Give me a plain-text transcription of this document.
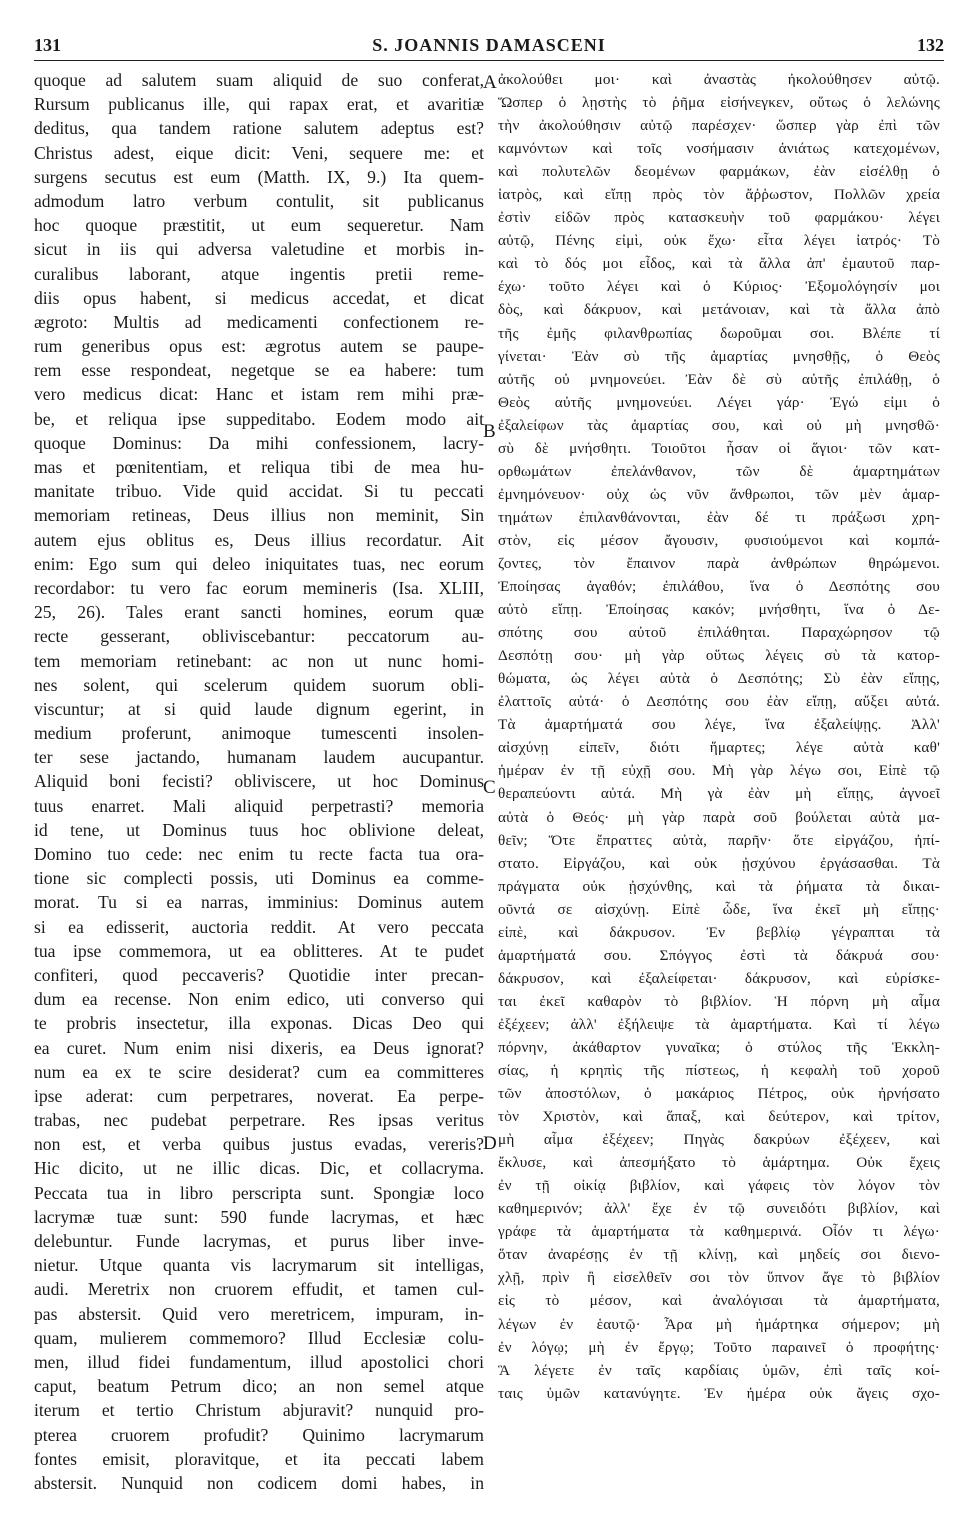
131	S. JOANNIS DAMASCENI	132
quoque ad salutem suam aliquid de suo conferat,
Rursum publicanus ille, qui rapax erat, et avaritiæ
deditus, qua tandem ratione salutem adeptus est?
Christus adest, eique dicit: Veni, sequere me: et
surgens secutus est eum (Matth. IX, 9.) Ita quem-
admodum latro verbum contulit, sit publicanus
hoc quoque præstitit, ut eum sequeretur. Nam
sicut in iis qui adversa valetudine et morbis in-
curalibus laborant, atque ingentis pretii reme-
diis opus habent, si medicus accedat, et dicat
ægroto: Multis ad medicamenti confectionem re-
rum generibus opus est: ægrotus autem se paupe-
rem esse respondeat, negetque se ea habere: tum
vero medicus dicat: Hanc et istam rem mihi præ-
be, et reliqua ipse suppeditabo. Eodem modo ait
quoque Dominus: Da mihi confessionem, lacry-
mas et pœnitentiam, et reliqua tibi de mea hu-
manitate tribuo. Vide quid accidat. Si tu peccati
memoriam retineas, Deus illius non meminit, Sin
autem ejus oblitus es, Deus illius recordatur. Ait
enim: Ego sum qui deleo iniquitates tuas, nec eorum
recordabor: tu vero fac eorum memineris (Isa. XLIII,
25, 26). Tales erant sancti homines, eorum quæ
recte gesserant, obliviscebantur: peccatorum au-
tem memoriam retinebant: ac non ut nunc homi-
nes solent, qui scelerum quidem suorum obli-
viscuntur; at si quid laude dignum egerint, in
medium proferunt, animoque tumescenti insolen-
ter sese jactando, humanam laudem aucupantur.
Aliquid boni fecisti? obliviscere, ut hoc Dominus
tuus enarret. Mali aliquid perpetrasti? memoria
id tene, ut Dominus tuus hoc oblivione deleat,
Domino tuo cede: nec enim tu recte facta tua ora-
tione sic complecti possis, uti Dominus ea comme-
morat. Tu si ea narras, imminius: Dominus autem
si ea edisserit, auctoria reddit. At vero peccata
tua ipse commemora, ut ea oblitteres. At te pudet
confiteri, quod peccaveris? Quotidie inter precan-
dum ea recense. Non enim edico, uti converso qui
te probris insectetur, illa exponas. Dicas Deo qui
ea curet. Num enim nisi dixeris, ea Deus ignorat?
num ea ex te scire desiderat? cum ea committeres
ipse aderat: cum perpetrares, noverat. Ea perpe-
trabas, nec pudebat perpetrare. Res ipsas veritus
non est, et verba quibus justus evadas, vereris?
Hic dicito, ut ne illic dicas. Dic, et collacryma.
Peccata tua in libro perscripta sunt. Spongiæ loco
lacrymæ tuæ sunt: 590 funde lacrymas, et hæc
delebuntur. Funde lacrymas, et purus liber inve-
nietur. Utque quanta vis lacrymarum sit intelligas,
audi. Meretrix non cruorem effudit, et tamen cul-
pas abstersit. Quid vero meretricem, impuram, in-
quam, mulierem commemoro? Illud Ecclesiæ colu-
men, illud fidei fundamentum, illud apostolici chori
caput, beatum Petrum dico; an non semel atque
iterum et tertio Christum abjuravit? nunquid pro-
pterea cruorem profudit? Quinimo lacrymarum
fontes emisit, ploravitque, et ita peccati labem
abstersit. Nunquid non codicem domi habes, in
ἀκολούθει μοι· καὶ ἀναστὰς ἠκολούθησεν αὐτῷ.
Ὥσπερ ὁ λῃστὴς τὸ ῥῆμα εἰσήνεγκεν, οὕτως ὁ λελώνης
τὴν ἀκολούθησιν αὐτῷ παρέσχεν· ὥσπερ γὰρ ἐπὶ τῶν
καμνόντων καὶ τοῖς νοσήμασιν ἀνιάτως κατεχομένων,
καὶ πολυτελῶν δεομένων φαρμάκων, ἐὰν εἰσέλθῃ ὁ
ἰατρὸς, καὶ εἴπῃ πρὸς τὸν ἄῤῥωστον, Πολλῶν χρεία
ἐστὶν εἰδῶν πρὸς κατασκευὴν τοῦ φαρμάκου· λέγει
αὐτῷ, Πένης εἰμὶ, οὐκ ἔχω· εἶτα λέγει ἰατρός· Τὸ
καὶ τὸ δός μοι εἶδος, καὶ τὰ ἄλλα ἀπ' ἐμαυτοῦ παρ-
έχω· τοῦτο λέγει καὶ ὁ Κύριος· Ἐξομολόγησίν μοι
δὸς, καὶ δάκρυον, καὶ μετάνοιαν, καὶ τὰ ἄλλα ἀπὸ
τῆς ἐμῆς φιλανθρωπίας δωροῦμαι σοι. Βλέπε τί
γίνεται· Ἐὰν σὺ τῆς ἁμαρτίας μνησθῇς, ὁ Θεὸς
αὐτῆς οὐ μνημονεύει. Ἐὰν δὲ σὺ αὐτῆς ἐπιλάθῃ, ὁ
Θεὸς αὐτῆς μνημονεύει. Λέγει γάρ· Ἐγώ εἰμι ὁ
ἐξαλείφων τὰς ἁμαρτίας σου, καὶ οὐ μὴ μνησθῶ·
σὺ δὲ μνήσθητι. Τοιοῦτοι ἦσαν οἱ ἅγιοι· τῶν κατ-
ορθωμάτων ἐπελάνθανον, τῶν δὲ ἁμαρτημάτων
ἐμνημόνευον· οὐχ ὡς νῦν ἄνθρωποι, τῶν μὲν ἁμαρ-
τημάτων ἐπιλανθάνονται, ἐὰν δέ τι πράξωσι χρη-
στὸν, εἰς μέσον ἄγουσιν, φυσιούμενοι καὶ κομπά-
ζοντες, τὸν ἔπαινον παρὰ ἀνθρώπων θηρώμενοι.
Ἐποίησας ἀγαθόν; ἐπιλάθου, ἵνα ὁ Δεσπότης σου
αὐτὸ εἴπῃ. Ἐποίησας κακόν; μνήσθητι, ἵνα ὁ Δε-
σπότης σου αὐτοῦ ἐπιλάθηται. Παραχώρησον τῷ
Δεσπότῃ σου· μὴ γὰρ οὕτως λέγεις σὺ τὰ κατορ-
θώματα, ὡς λέγει αὐτὰ ὁ Δεσπότης; Σὺ ἐὰν εἴπῃς,
ἐλαττοῖς αὐτά· ὁ Δεσπότης σου ἐὰν εἴπῃ, αὔξει αὐτά.
Τὰ ἁμαρτήματά σου λέγε, ἵνα ἐξαλείψῃς. Ἀλλ'
αἰσχύνῃ εἰπεῖν, διότι ἥμαρτες; λέγε αὐτὰ καθ'
ἡμέραν ἐν τῇ εὐχῇ σου. Μὴ γὰρ λέγω σοι, Εἰπὲ τῷ
θεραπεύοντι αὐτά. Μὴ γὰ ἐὰν μὴ εἴπῃς, ἀγνοεῖ
αὐτὰ ὁ Θεός· μὴ γὰρ παρὰ σοῦ βούλεται αὐτὰ μα-
θεῖν; Ὅτε ἔπραττες αὐτὰ, παρῆν· ὅτε εἰργάζου, ἠπί-
στατο. Εἰργάζου, καὶ οὐκ ᾐσχύνου ἐργάσασθαι. Τὰ
πράγματα οὐκ ᾐσχύνθης, καὶ τὰ ῥήματα τὰ δικαι-
οῦντά σε αἰσχύνῃ. Εἰπὲ ὧδε, ἵνα ἐκεῖ μὴ εἴπῃς·
εἰπὲ, καὶ δάκρυσον. Ἐν βεβλίῳ γέγραπται τὰ
ἁμαρτήματά σου. Σπόγγος ἐστὶ τὰ δάκρυά σου·
δάκρυσον, καὶ ἐξαλείφεται· δάκρυσον, καὶ εὑρίσκε-
ται ἐκεῖ καθαρὸν τὸ βιβλίον. Ἡ πόρνη μὴ αἷμα
ἐξέχεεν; ἀλλ' ἐξήλειψε τὰ ἁμαρτήματα. Καὶ τί λέγω
πόρνην, ἀκάθαρτον γυναῖκα; ὁ στύλος τῆς Ἐκκλη-
σίας, ἡ κρηπὶς τῆς πίστεως, ἡ κεφαλὴ τοῦ χοροῦ
τῶν ἀποστόλων, ὁ μακάριος Πέτρος, οὐκ ἠρνήσατο
τὸν Χριστὸν, καὶ ἅπαξ, καὶ δεύτερον, καὶ τρίτον,
μὴ αἷμα ἐξέχεεν; Πηγὰς δακρύων ἐξέχεεν, καὶ
ἔκλυσε, καὶ ἀπεσμήξατο τὸ ἁμάρτημα. Οὐκ ἔχεις
ἐν τῇ οἰκίᾳ βιβλίον, καὶ γάφεις τὸν λόγον τὸν
καθημερινόν; ἀλλ' ἔχε ἐν τῷ συνειδότι βιβλίον, καὶ
γράφε τὰ ἁμαρτήματα τὰ καθημερινά. Οἷόν τι λέγω·
ὅταν ἀναρέσῃς ἐν τῇ κλίνῃ, καὶ μηδείς σοι διενο-
χλῇ, πρὶν ἢ εἰσελθεῖν σοι τὸν ὕπνον ἄγε τὸ βιβλίον
εἰς τὸ μέσον, καὶ ἀναλόγισαι τὰ ἁμαρτήματα,
λέγων ἐν ἑαυτῷ· Ἆρα μὴ ἡμάρτηκα σήμερον; μὴ
ἐν λόγῳ; μὴ ἐν ἔργῳ; Τοῦτο παραινεῖ ὁ προφήτης·
Ἃ λέγετε ἐν ταῖς καρδίαις ὑμῶν, ἐπὶ ταῖς κοί-
ταις ὑμῶν κατανύγητε. Ἐν ἡμέρα οὐκ ἄγεις σχο-
A
B
C
D
